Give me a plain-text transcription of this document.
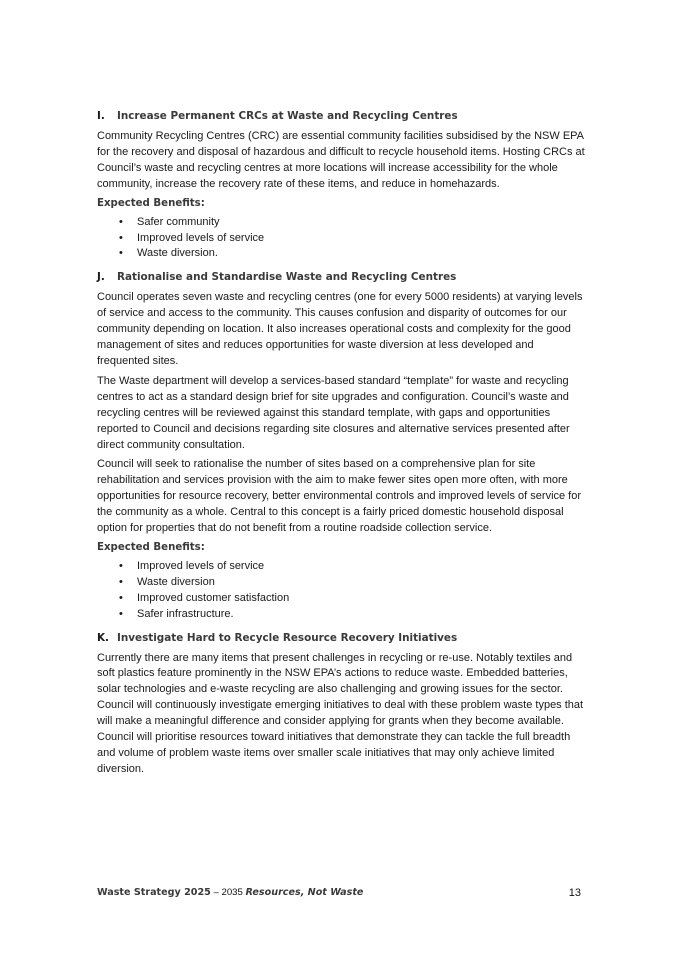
I. Increase Permanent CRCs at Waste and Recycling Centres

Community Recycling Centres (CRC) are essential community facilities subsidised by the NSW EPA for the recovery and disposal of hazardous and difficult to recycle household items. Hosting CRCs at Council’s waste and recycling centres at more locations will increase accessibility for the whole community, increase the recovery rate of these items, and reduce in homehazards.

Expected Benefits:
• Safer community
• Improved levels of service
• Waste diversion.
J. Rationalise and Standardise Waste and Recycling Centres

Council operates seven waste and recycling centres (one for every 5000 residents) at varying levels of service and access to the community. This causes confusion and disparity of outcomes for our community depending on location. It also increases operational costs and complexity for the good management of sites and reduces opportunities for waste diversion at less developed and frequented sites.

The Waste department will develop a services-based standard “template” for waste and recycling centres to act as a standard design brief for site upgrades and configuration. Council’s waste and recycling centres will be reviewed against this standard template, with gaps and opportunities reported to Council and decisions regarding site closures and alternative services presented after direct community consultation.

Council will seek to rationalise the number of sites based on a comprehensive plan for site rehabilitation and services provision with the aim to make fewer sites open more often, with more opportunities for resource recovery, better environmental controls and improved levels of service for the community as a whole. Central to this concept is a fairly priced domestic household disposal option for properties that do not benefit from a routine roadside collection service.

Expected Benefits:
• Improved levels of service
• Waste diversion
• Improved customer satisfaction
• Safer infrastructure.
K. Investigate Hard to Recycle Resource Recovery Initiatives

Currently there are many items that present challenges in recycling or re-use. Notably textiles and soft plastics feature prominently in the NSW EPA’s actions to reduce waste. Embedded batteries, solar technologies and e-waste recycling are also challenging and growing issues for the sector. Council will continuously investigate emerging initiatives to deal with these problem waste types that will make a meaningful difference and consider applying for grants when they become available. Council will prioritise resources toward initiatives that demonstrate they can tackle the full breadth and volume of problem waste items over smaller scale initiatives that may only achieve limited diversion.

Waste Strategy 2025 – 2035 Resources, Not Waste	13
